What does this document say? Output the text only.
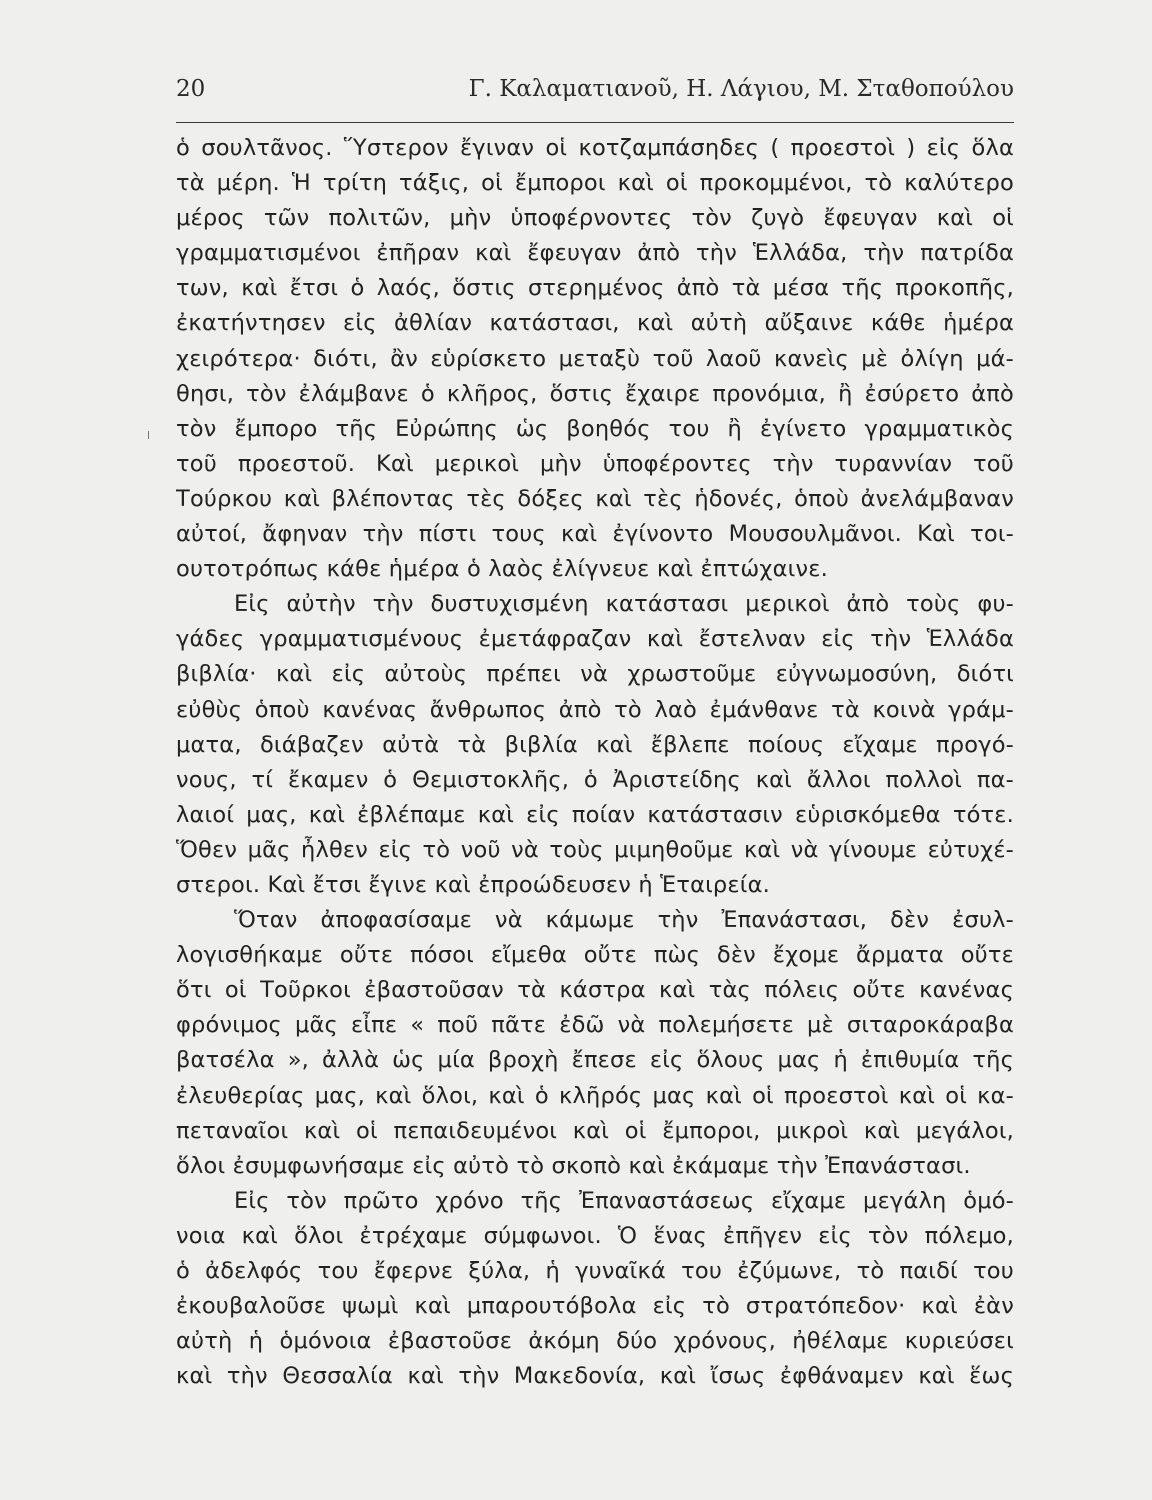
20	Γ. Καλαματιανοῦ, Η. Λάγιου, Μ. Σταθοπούλου
ὁ σουλτᾶνος. Ὕστερον ἔγιναν οἱ κοτζαμπάσηδες ( προεστοὶ ) εἰς ὅλα
τὰ μέρη. Ἡ τρίτη τάξις, οἱ ἔμποροι καὶ οἱ προκομμένοι, τὸ καλύτερο
μέρος τῶν πολιτῶν, μὴν ὑποφέρνοντες τὸν ζυγὸ ἔφευγαν καὶ οἱ
γραμματισμένοι ἐπῆραν καὶ ἔφευγαν ἀπὸ τὴν Ἑλλάδα, τὴν πατρίδα
των, καὶ ἔτσι ὁ λαός, ὅστις στερημένος ἀπὸ τὰ μέσα τῆς προκοπῆς,
ἐκατήντησεν εἰς ἀθλίαν κατάστασι, καὶ αὐτὴ αὔξαινε κάθε ἡμέρα
χειρότερα· διότι, ἂν εὑρίσκετο μεταξὺ τοῦ λαοῦ κανεὶς μὲ ὀλίγη μά-
θησι, τὸν ἐλάμβανε ὁ κλῆρος, ὅστις ἔχαιρε προνόμια, ἢ ἐσύρετο ἀπὸ
τὸν ἔμπορο τῆς Εὐρώπης ὡς βοηθός του ἢ ἐγίνετο γραμματικὸς
τοῦ προεστοῦ. Καὶ μερικοὶ μὴν ὑποφέροντες τὴν τυραννίαν τοῦ
Τούρκου καὶ βλέποντας τὲς δόξες καὶ τὲς ἡδονές, ὁποὺ ἀνελάμβαναν
αὐτοί, ἄφηναν τὴν πίστι τους καὶ ἐγίνοντο Μουσουλμᾶνοι. Καὶ τοι-
ουτοτρόπως κάθε ἡμέρα ὁ λαὸς ἐλίγνευε καὶ ἐπτώχαινε.
Εἰς αὐτὴν τὴν δυστυχισμένη κατάστασι μερικοὶ ἀπὸ τοὺς φυ-
γάδες γραμματισμένους ἐμετάφραζαν καὶ ἔστελναν εἰς τὴν Ἑλλάδα
βιβλία· καὶ εἰς αὐτοὺς πρέπει νὰ χρωστοῦμε εὐγνωμοσύνη, διότι
εὐθὺς ὁποὺ κανένας ἄνθρωπος ἀπὸ τὸ λαὸ ἐμάνθανε τὰ κοινὰ γράμ-
ματα, διάβαζεν αὐτὰ τὰ βιβλία καὶ ἔβλεπε ποίους εἴχαμε προγό-
νους, τί ἔκαμεν ὁ Θεμιστοκλῆς, ὁ Ἀριστείδης καὶ ἄλλοι πολλοὶ πα-
λαιοί μας, καὶ ἐβλέπαμε καὶ εἰς ποίαν κατάστασιν εὑρισκόμεθα τότε.
Ὅθεν μᾶς ἦλθεν εἰς τὸ νοῦ νὰ τοὺς μιμηθοῦμε καὶ νὰ γίνουμε εὐτυχέ-
στεροι. Καὶ ἔτσι ἔγινε καὶ ἐπροώδευσεν ἡ Ἑταιρεία.
Ὅταν ἀποφασίσαμε νὰ κάμωμε τὴν Ἐπανάστασι, δὲν ἐσυλ-
λογισθήκαμε οὔτε πόσοι εἴμεθα οὔτε πὼς δὲν ἔχομε ἄρματα οὔτε
ὅτι οἱ Τοῦρκοι ἐβαστοῦσαν τὰ κάστρα καὶ τὰς πόλεις οὔτε κανένας
φρόνιμος μᾶς εἶπε « ποῦ πᾶτε ἐδῶ νὰ πολεμήσετε μὲ σιταροκάραβα
βατσέλα », ἀλλὰ ὡς μία βροχὴ ἔπεσε εἰς ὅλους μας ἡ ἐπιθυμία τῆς
ἐλευθερίας μας, καὶ ὅλοι, καὶ ὁ κλῆρός μας καὶ οἱ προεστοὶ καὶ οἱ κα-
πεταναῖοι καὶ οἱ πεπαιδευμένοι καὶ οἱ ἔμποροι, μικροὶ καὶ μεγάλοι,
ὅλοι ἐσυμφωνήσαμε εἰς αὐτὸ τὸ σκοπὸ καὶ ἐκάμαμε τὴν Ἐπανάστασι.
Εἰς τὸν πρῶτο χρόνο τῆς Ἐπαναστάσεως εἴχαμε μεγάλη ὁμό-
νοια καὶ ὅλοι ἐτρέχαμε σύμφωνοι. Ὁ ἕνας ἐπῆγεν εἰς τὸν πόλεμο,
ὁ ἀδελφός του ἔφερνε ξύλα, ἡ γυναῖκά του ἐζύμωνε, τὸ παιδί του
ἐκουβαλοῦσε ψωμὶ καὶ μπαρουτόβολα εἰς τὸ στρατόπεδον· καὶ ἐὰν
αὐτὴ ἡ ὁμόνοια ἐβαστοῦσε ἀκόμη δύο χρόνους, ἠθέλαμε κυριεύσει
καὶ τὴν Θεσσαλία καὶ τὴν Μακεδονία, καὶ ἴσως ἐφθάναμεν καὶ ἕως
